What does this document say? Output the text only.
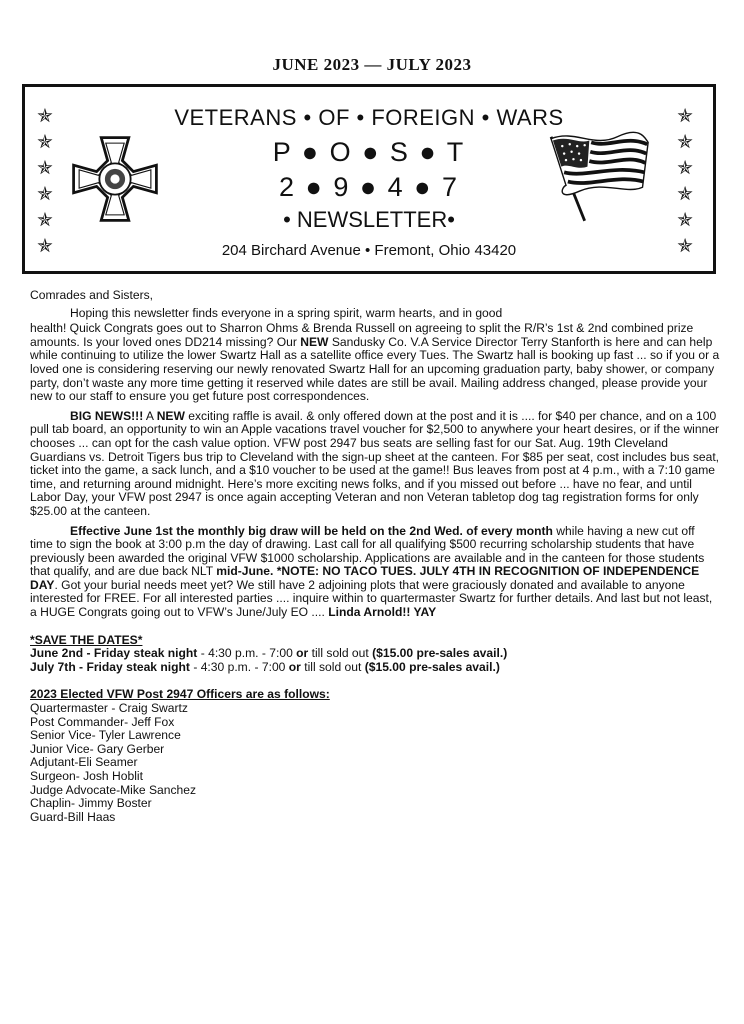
JUNE 2023 — JULY 2023
✯
✯
✯
✯
✯
✯
✯
✯
✯
✯
✯
✯
VETERANS • OF • FOREIGN • WARS
P ● O ● S ● T
2 ● 9 ● 4 ● 7
• NEWSLETTER•
204 Birchard Avenue • Fremont, Ohio 43420

Comrades and Sisters,

Hoping this newsletter finds everyone in a spring spirit, warm hearts, and in good

health! Quick Congrats goes out to Sharron Ohms & Brenda Russell on agreeing to split the R/R’s 1st & 2nd combined prize amounts. Is your loved ones DD214 missing? Our NEW Sandusky Co. V.A Service Director Terry Stanforth is here and can help while continuing to utilize the lower Swartz Hall as a satellite office every Tues. The Swartz hall is booking up fast ... so if you or a loved one is considering reserving our newly renovated Swartz Hall for an upcoming graduation party, baby shower, or company party, don’t waste any more time getting it reserved while dates are still be avail. Mailing address changed, please provide your new to our staff to ensure you get future post correspondences.

BIG NEWS!!! A NEW exciting raffle is avail. & only offered down at the post and it is .... for $40 per chance, and on a 100 pull tab board, an opportunity to win an Apple vacations travel voucher for $2,500 to anywhere your heart desires, or if the winner chooses ... can opt for the cash value option. VFW post 2947 bus seats are selling fast for our Sat. Aug. 19th Cleveland Guardians vs. Detroit Tigers bus trip to Cleveland with the sign-up sheet at the canteen. For $85 per seat, cost includes bus seat, ticket into the game, a sack lunch, and a $10 voucher to be used at the game!! Bus leaves from post at 4 p.m., with a 7:10 game time, and returning around midnight. Here’s more exciting news folks, and if you missed out before ... have no fear, and until Labor Day, your VFW post 2947 is once again accepting Veteran and non Veteran tabletop dog tag registration forms for only $25.00 at the canteen.

Effective June 1st the monthly big draw will be held on the 2nd Wed. of every month while having a new cut off time to sign the book at 3:00 p.m the day of drawing. Last call for all qualifying $500 recurring scholarship students that have previously been awarded the original VFW $1000 scholarship. Applications are available and in the canteen for those students that qualify, and are due back NLT mid-June. *NOTE: NO TACO TUES. JULY 4TH IN RECOGNITION OF INDEPENDENCE DAY. Got your burial needs meet yet? We still have 2 adjoining plots that were graciously donated and available to anyone interested for FREE. For all interested parties .... inquire within to quartermaster Swartz for further details. And last but not least, a HUGE Congrats going out to VFW’s June/July EO .... Linda Arnold!! YAY

*SAVE THE DATES*

June 2nd - Friday steak night - 4:30 p.m. - 7:00 or till sold out ($15.00 pre-sales avail.)

July 7th - Friday steak night - 4:30 p.m. - 7:00 or till sold out ($15.00 pre-sales avail.)

2023 Elected VFW Post 2947 Officers are as follows:

Quartermaster - Craig Swartz

Post Commander- Jeff Fox

Senior Vice- Tyler Lawrence

Junior Vice- Gary Gerber

Adjutant-Eli Seamer

Surgeon- Josh Hoblit

Judge Advocate-Mike Sanchez

Chaplin- Jimmy Boster

Guard-Bill Haas
